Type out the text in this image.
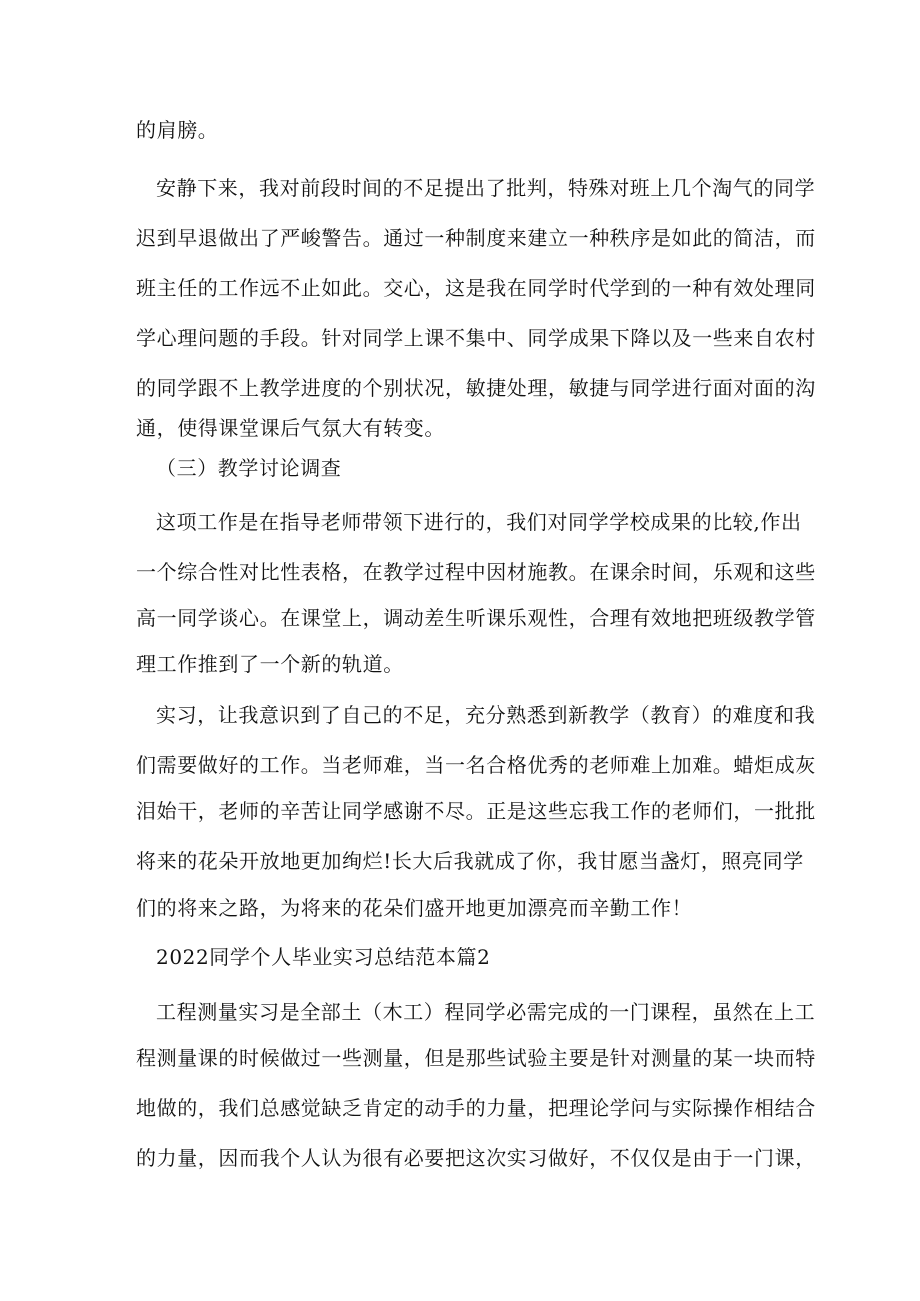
的肩膀。
安静下来，我对前段时间的不足提出了批判，特殊对班上几个淘气的同学
迟到早退做出了严峻警告。通过一种制度来建立一种秩序是如此的简洁，而
班主任的工作远不止如此。交心，这是我在同学时代学到的一种有效处理同
学心理问题的手段。针对同学上课不集中、同学成果下降以及一些来自农村
的同学跟不上教学进度的个别状况，敏捷处理，敏捷与同学进行面对面的沟
通，使得课堂课后气氛大有转变。
（三）教学讨论调查
这项工作是在指导老师带领下进行的，我们对同学学校成果的比较,作出
一个综合性对比性表格，在教学过程中因材施教。在课余时间，乐观和这些
高一同学谈心。在课堂上，调动差生听课乐观性，合理有效地把班级教学管
理工作推到了一个新的轨道。
实习，让我意识到了自己的不足，充分熟悉到新教学（教育）的难度和我
们需要做好的工作。当老师难，当一名合格优秀的老师难上加难。蜡炬成灰
泪始干，老师的辛苦让同学感谢不尽。正是这些忘我工作的老师们，一批批
将来的花朵开放地更加绚烂!长大后我就成了你，我甘愿当盏灯，照亮同学
们的将来之路，为将来的花朵们盛开地更加漂亮而辛勤工作！
2022同学个人毕业实习总结范本篇2
工程测量实习是全部土（木工）程同学必需完成的一门课程，虽然在上工
程测量课的时候做过一些测量，但是那些试验主要是针对测量的某一块而特
地做的，我们总感觉缺乏肯定的动手的力量，把理论学问与实际操作相结合
的力量，因而我个人认为很有必要把这次实习做好，不仅仅是由于一门课，
